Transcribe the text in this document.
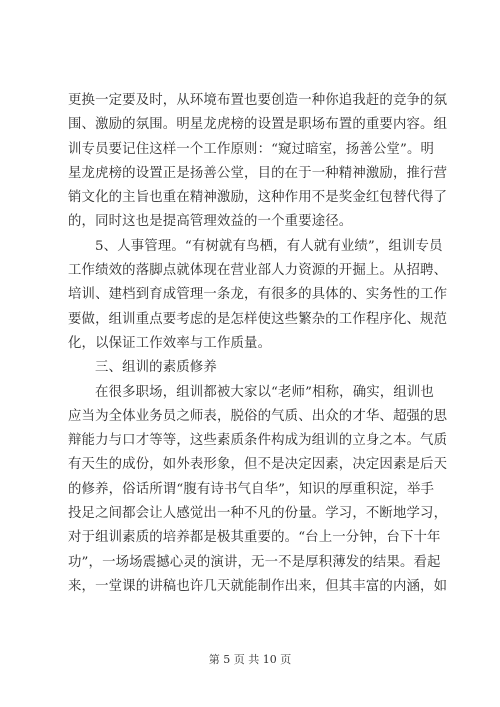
更换一定要及时，从环境布置也要创造一种你追我赶的竞争的氛
围、激励的氛围。明星龙虎榜的设置是职场布置的重要内容。组
训专员要记住这样一个工作原则：“窥过暗室，扬善公堂”。明
星龙虎榜的设置正是扬善公堂，目的在于一种精神激励，推行营
销文化的主旨也重在精神激励，这种作用不是奖金红包替代得了
的，同时这也是提高管理效益的一个重要途径。
5、人事管理。“有树就有鸟栖，有人就有业绩”，组训专员
工作绩效的落脚点就体现在营业部人力资源的开掘上。从招聘、
培训、建档到育成管理一条龙，有很多的具体的、实务性的工作
要做，组训重点要考虑的是怎样使这些繁杂的工作程序化、规范
化，以保证工作效率与工作质量。
三、组训的素质修养
在很多职场，组训都被大家以“老师”相称，确实，组训也
应当为全体业务员之师表，脱俗的气质、出众的才华、超强的思
辩能力与口才等等，这些素质条件构成为组训的立身之本。气质
有天生的成份，如外表形象，但不是决定因素，决定因素是后天
的修养，俗话所谓“腹有诗书气自华”，知识的厚重积淀，举手
投足之间都会让人感觉出一种不凡的份量。学习，不断地学习，
对于组训素质的培养都是极其重要的。“台上一分钟，台下十年
功”，一场场震撼心灵的演讲，无一不是厚积薄发的结果。看起
来，一堂课的讲稿也许几天就能制作出来，但其丰富的内涵，如
第 5 页 共 10 页
